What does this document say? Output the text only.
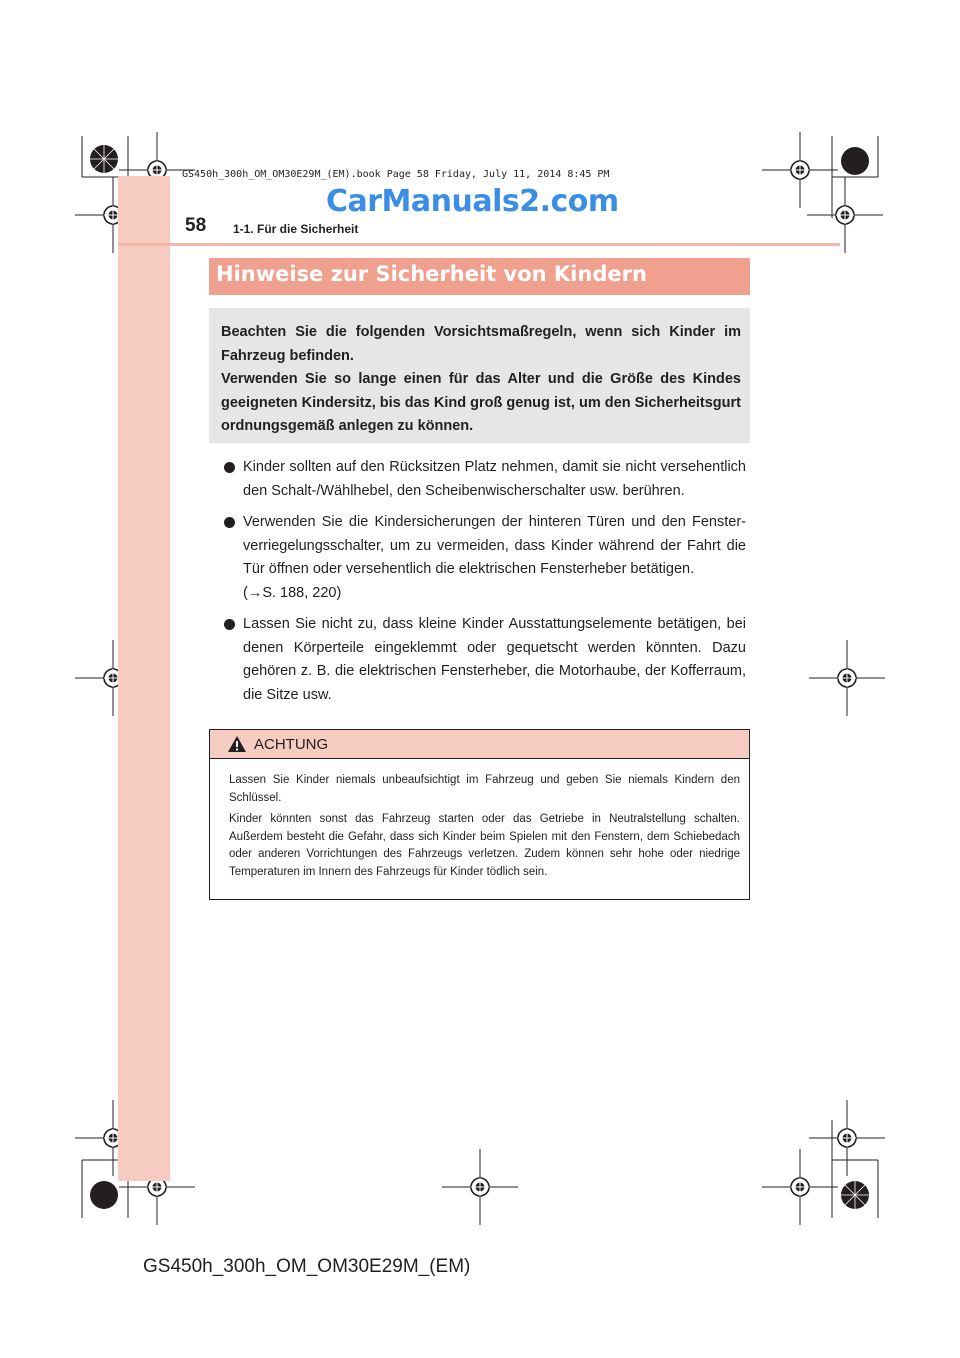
GS450h_300h_OM_OM30E29M_(EM).book Page 58 Friday, July 11, 2014 8:45 PM
CarManuals2.com
58 1-1. Für die Sicherheit
Hinweise zur Sicherheit von Kindern

Beachten Sie die folgenden Vorsichtsmaßregeln, wenn sich Kinder im Fahrzeug befinden.

Verwenden Sie so lange einen für das Alter und die Größe des Kindes geeigneten Kindersitz, bis das Kind groß genug ist, um den Sicherheitsgurt ordnungsgemäß anlegen zu können.

Kinder sollten auf den Rücksitzen Platz nehmen, damit sie nicht versehentlich den Schalt-/Wählhebel, den Scheibenwischerschalter usw. berühren.
Verwenden Sie die Kindersicherungen der hinteren Türen und den Fensterverriegelungsschalter, um zu vermeiden, dass Kinder während der Fahrt die Tür öffnen oder versehentlich die elektrischen Fensterheber betätigen.
(→S. 188, 220)
Lassen Sie nicht zu, dass kleine Kinder Ausstattungselemente betätigen, bei denen Körperteile eingeklemmt oder gequetscht werden könnten. Dazu gehören z. B. die elektrischen Fensterheber, die Motorhaube, der Kofferraum, die Sitze usw.
ACHTUNG

Lassen Sie Kinder niemals unbeaufsichtigt im Fahrzeug und geben Sie niemals Kindern den Schlüssel.

Kinder könnten sonst das Fahrzeug starten oder das Getriebe in Neutralstellung schalten. Außerdem besteht die Gefahr, dass sich Kinder beim Spielen mit den Fenstern, dem Schiebedach oder anderen Vorrichtungen des Fahrzeugs verletzen. Zudem können sehr hohe oder niedrige Temperaturen im Innern des Fahrzeugs für Kinder tödlich sein.

GS450h_300h_OM_OM30E29M_(EM)
